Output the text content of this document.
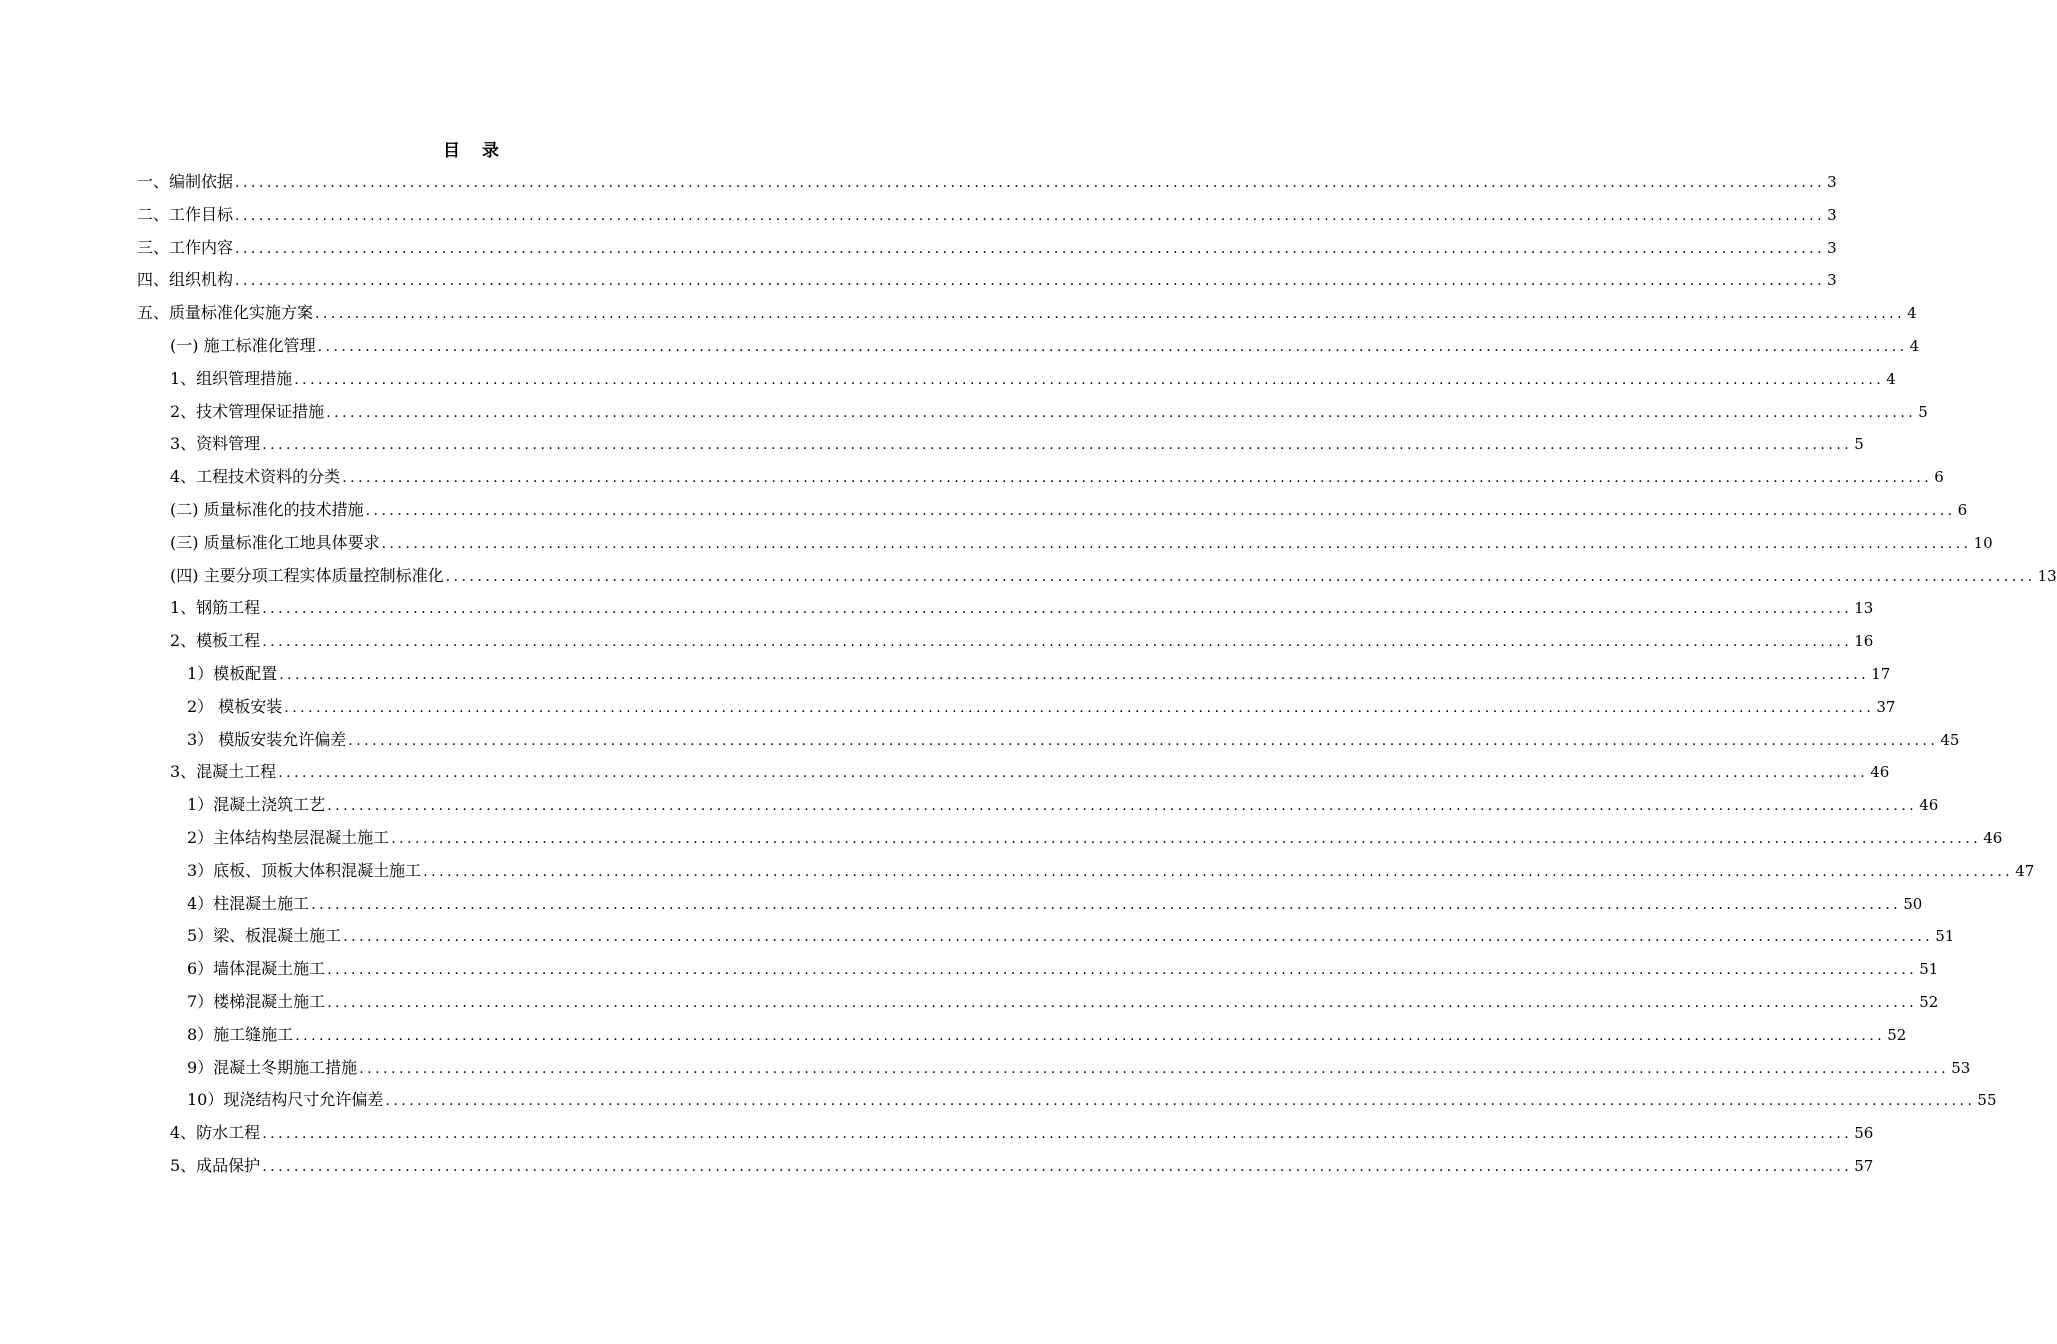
目 录
一、编制依据 ........................................................................................................................................................................................................ 3
二、工作目标 ........................................................................................................................................................................................................ 3
三、工作内容 ........................................................................................................................................................................................................ 3
四、组织机构 ........................................................................................................................................................................................................ 3
五、质量标准化实施方案 ........................................................................................................................................................................................................ 4
(一) 施工标准化管理 ........................................................................................................................................................................................................ 4
1、组织管理措施 ........................................................................................................................................................................................................ 4
2、技术管理保证措施 ........................................................................................................................................................................................................ 5
3、资料管理 ........................................................................................................................................................................................................ 5
4、工程技术资料的分类 ........................................................................................................................................................................................................ 6
(二) 质量标准化的技术措施 ........................................................................................................................................................................................................ 6
(三) 质量标准化工地具体要求 ........................................................................................................................................................................................................ 10
(四) 主要分项工程实体质量控制标准化 ........................................................................................................................................................................................................ 13
1、钢筋工程 ........................................................................................................................................................................................................ 13
2、模板工程 ........................................................................................................................................................................................................ 16
1）模板配置 ........................................................................................................................................................................................................ 17
2） 模板安装 ........................................................................................................................................................................................................ 37
3） 模版安装允许偏差 ........................................................................................................................................................................................................ 45
3、混凝土工程 ........................................................................................................................................................................................................ 46
1）混凝土浇筑工艺 ........................................................................................................................................................................................................ 46
2）主体结构垫层混凝土施工 ........................................................................................................................................................................................................ 46
3）底板、顶板大体积混凝土施工 ........................................................................................................................................................................................................ 47
4）柱混凝土施工 ........................................................................................................................................................................................................ 50
5）梁、板混凝土施工 ........................................................................................................................................................................................................ 51
6）墙体混凝土施工 ........................................................................................................................................................................................................ 51
7）楼梯混凝土施工 ........................................................................................................................................................................................................ 52
8）施工缝施工 ........................................................................................................................................................................................................ 52
9）混凝土冬期施工措施 ........................................................................................................................................................................................................ 53
10）现浇结构尺寸允许偏差 ........................................................................................................................................................................................................ 55
4、防水工程 ........................................................................................................................................................................................................ 56
5、成品保护 ........................................................................................................................................................................................................ 57
